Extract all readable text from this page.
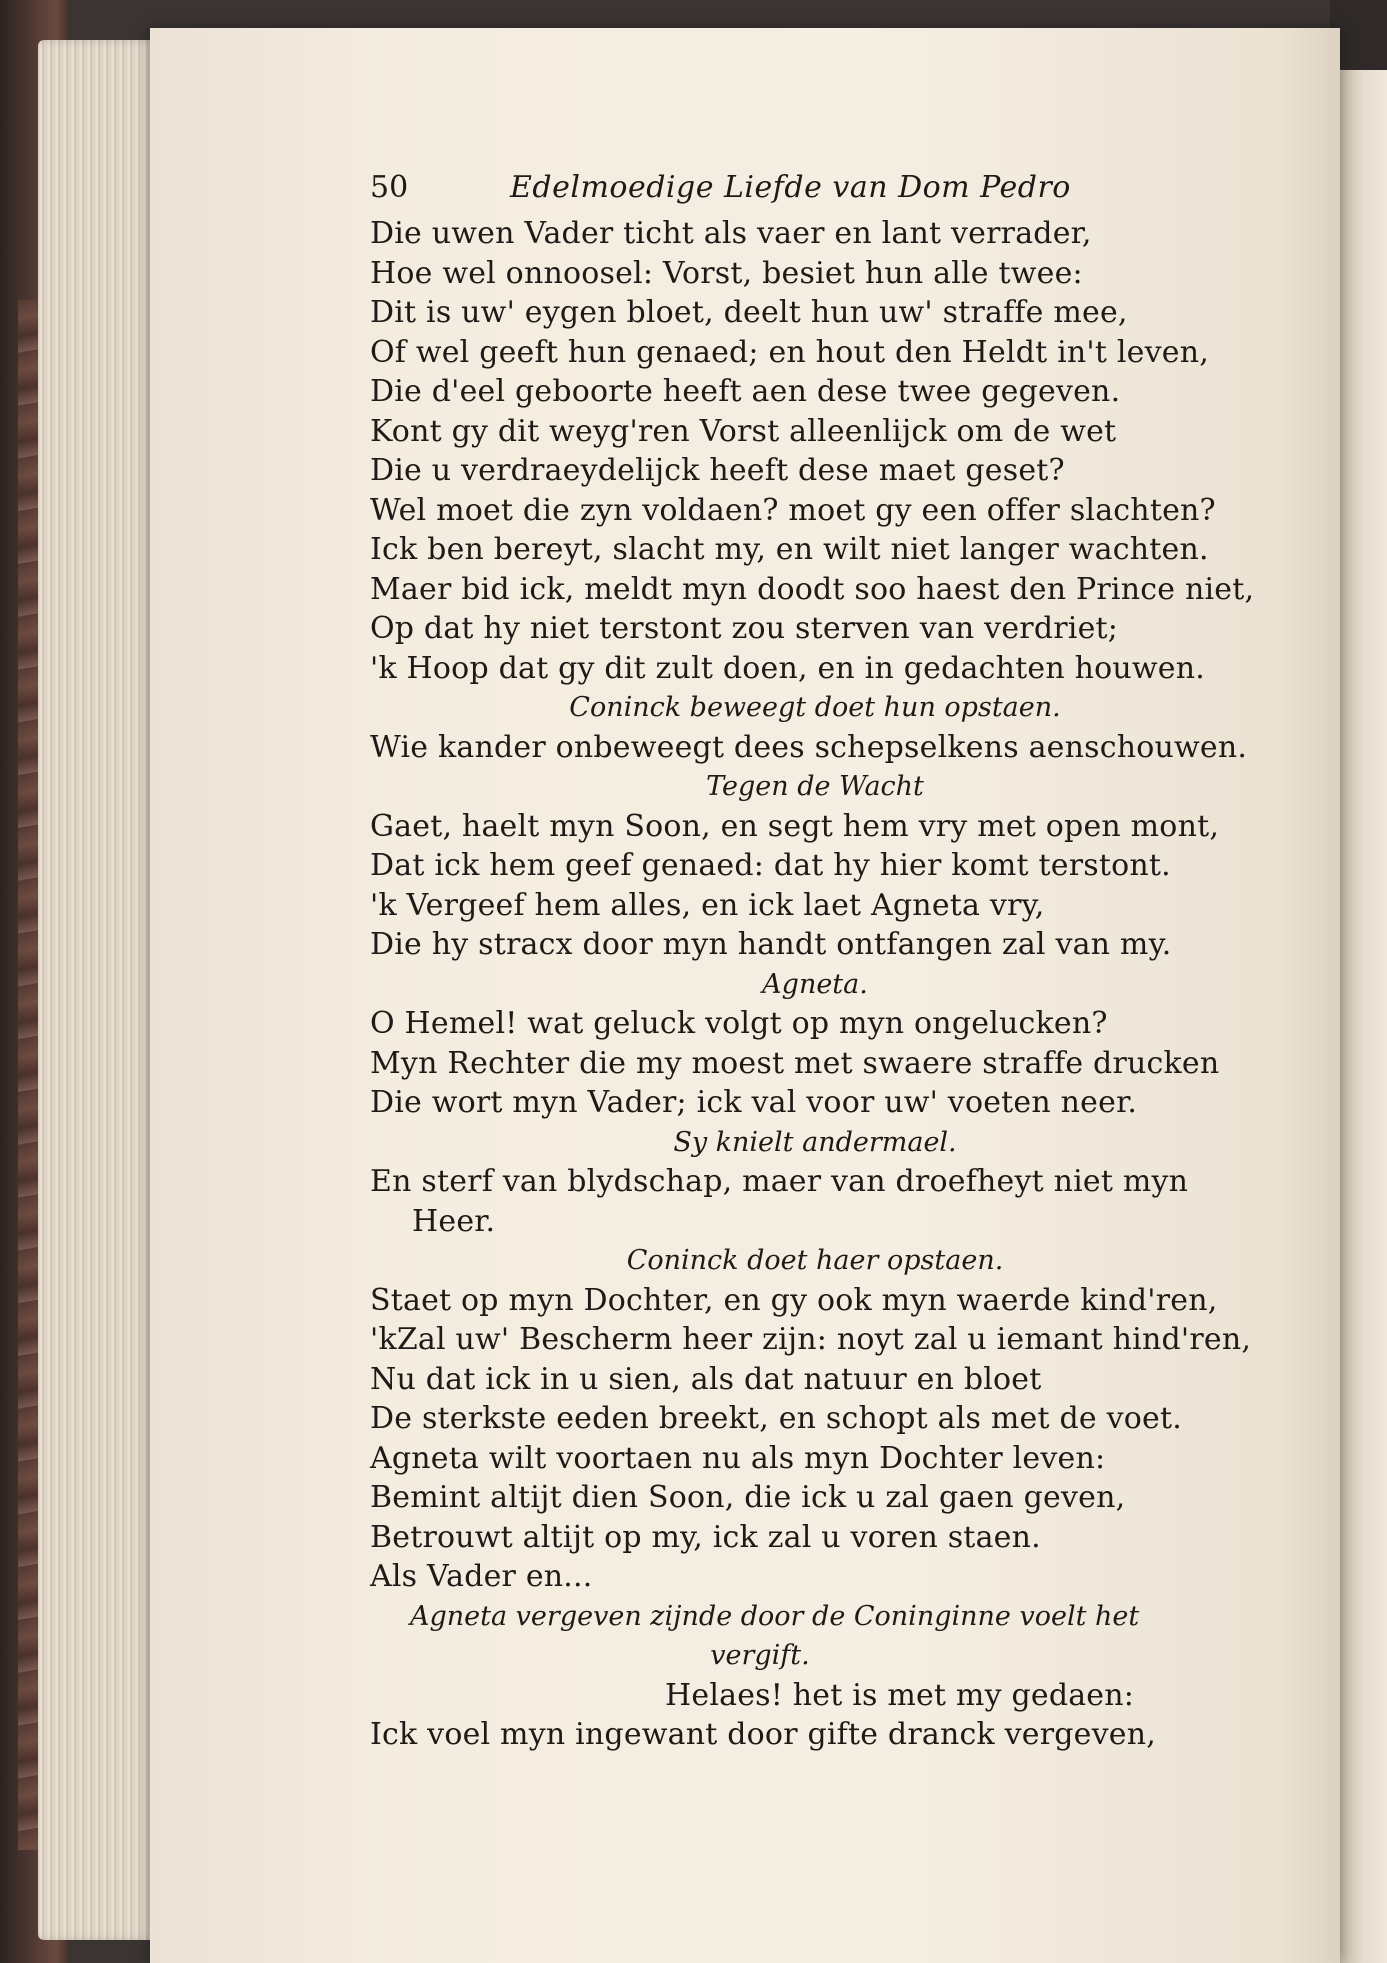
50	Edelmoedige Liefde van Dom Pedro
Die uwen Vader ticht als vaer en lant verrader,
Hoe wel onnoosel: Vorst, besiet hun alle twee:
Dit is uw' eygen bloet, deelt hun uw' straffe mee,
Of wel geeft hun genaed; en hout den Heldt in't leven,
Die d'eel geboorte heeft aen dese twee gegeven.
Kont gy dit weyg'ren Vorst alleenlijck om de wet
Die u verdraeydelijck heeft dese maet geset?
Wel moet die zyn voldaen? moet gy een offer slachten?
Ick ben bereyt, slacht my, en wilt niet langer wachten.
Maer bid ick, meldt myn doodt soo haest den Prince niet,
Op dat hy niet terstont zou sterven van verdriet;
'k Hoop dat gy dit zult doen, en in gedachten houwen.
Coninck beweegt doet hun opstaen.
Wie kander onbeweegt dees schepselkens aenschouwen.
Tegen de Wacht
Gaet, haelt myn Soon, en segt hem vry met open mont,
Dat ick hem geef genaed: dat hy hier komt terstont.
'k Vergeef hem alles, en ick laet Agneta vry,
Die hy stracx door myn handt ontfangen zal van my.
Agneta.
O Hemel! wat geluck volgt op myn ongelucken?
Myn Rechter die my moest met swaere straffe drucken
Die wort myn Vader; ick val voor uw' voeten neer.
Sy knielt andermael.
En sterf van blydschap, maer van droefheyt niet myn
Heer.
Coninck doet haer opstaen.
Staet op myn Dochter, en gy ook myn waerde kind'ren,
'kZal uw' Bescherm heer zijn: noyt zal u iemant hind'ren,
Nu dat ick in u sien, als dat natuur en bloet
De sterkste eeden breekt, en schopt als met de voet.
Agneta wilt voortaen nu als myn Dochter leven:
Bemint altijt dien Soon, die ick u zal gaen geven,
Betrouwt altijt op my, ick zal u voren staen.
Als Vader en...
Agneta vergeven zijnde door de Coninginne voelt het
vergift.
Helaes! het is met my gedaen:
Ick voel myn ingewant door gifte dranck vergeven,
